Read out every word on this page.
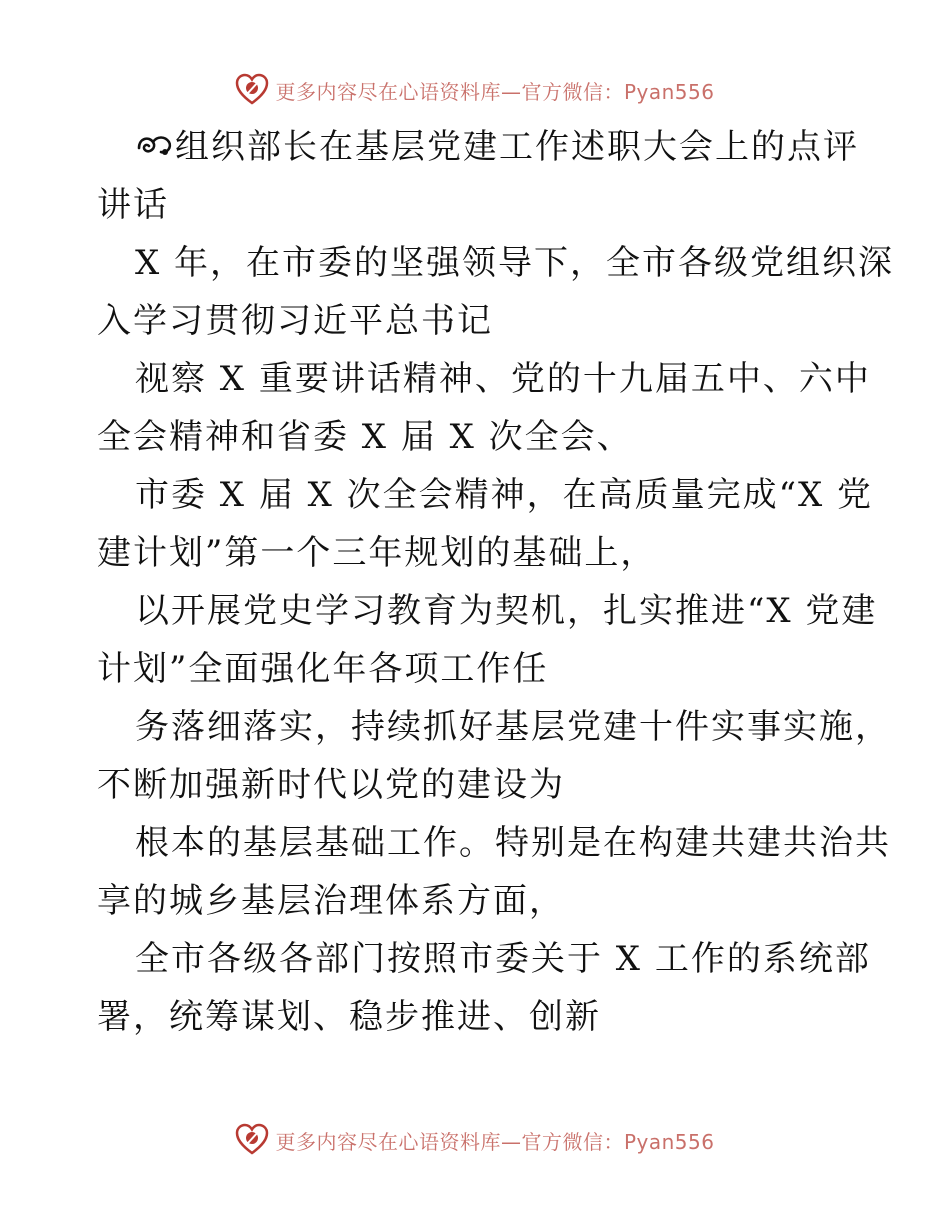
更多内容尽在心语资料库—官方微信：Pyan556

组织部长在基层党建工作述职大会上的点评
讲话

X 年，在市委的坚强领导下，全市各级党组织深
入学习贯彻习近平总书记

视察 X 重要讲话精神、党的十九届五中、六中
全会精神和省委 X 届 X 次全会、

市委 X 届 X 次全会精神，在高质量完成“X 党
建计划”第一个三年规划的基础上，

以开展党史学习教育为契机，扎实推进“X 党建
计划”全面强化年各项工作任

务落细落实，持续抓好基层党建十件实事实施，
不断加强新时代以党的建设为

根本的基层基础工作。特别是在构建共建共治共
享的城乡基层治理体系方面，

全市各级各部门按照市委关于 X 工作的系统部
署，统筹谋划、稳步推进、创新

更多内容尽在心语资料库—官方微信：Pyan556
